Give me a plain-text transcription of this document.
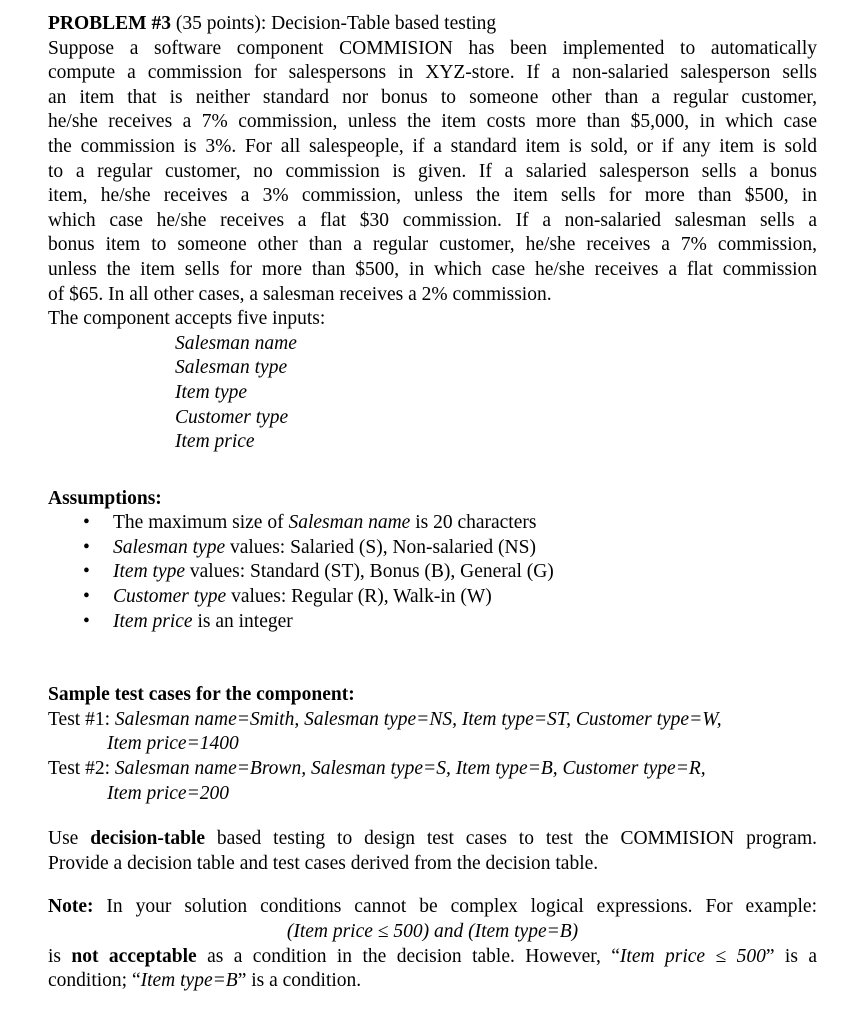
PROBLEM #3 (35 points): Decision-Table based testing
Suppose a software component COMMISION has been implemented to automatically
compute a commission for salespersons in XYZ-store. If a non-salaried salesperson sells
an item that is neither standard nor bonus to someone other than a regular customer,
he/she receives a 7% commission, unless the item costs more than $5,000, in which case
the commission is 3%. For all salespeople, if a standard item is sold, or if any item is sold
to a regular customer, no commission is given. If a salaried salesperson sells a bonus
item, he/she receives a 3% commission, unless the item sells for more than $500, in
which case he/she receives a flat $30 commission. If a non-salaried salesman sells a
bonus item to someone other than a regular customer, he/she receives a 7% commission,
unless the item sells for more than $500, in which case he/she receives a flat commission
of $65. In all other cases, a salesman receives a 2% commission.
The component accepts five inputs:
Salesman name
Salesman type
Item type
Customer type
Item price
Assumptions:
• The maximum size of Salesman name is 20 characters
• Salesman type values: Salaried (S), Non-salaried (NS)
• Item type values: Standard (ST), Bonus (B), General (G)
• Customer type values: Regular (R), Walk-in (W)
• Item price is an integer
Sample test cases for the component:
Test #1: Salesman name=Smith, Salesman type=NS, Item type=ST, Customer type=W,
Item price=1400
Test #2: Salesman name=Brown, Salesman type=S, Item type=B, Customer type=R,
Item price=200
Use decision-table based testing to design test cases to test the COMMISION program.
Provide a decision table and test cases derived from the decision table.
Note: In your solution conditions cannot be complex logical expressions. For example:
(Item price ≤ 500) and (Item type=B)
is not acceptable as a condition in the decision table. However, “Item price ≤ 500” is a
condition; “Item type=B” is a condition.
